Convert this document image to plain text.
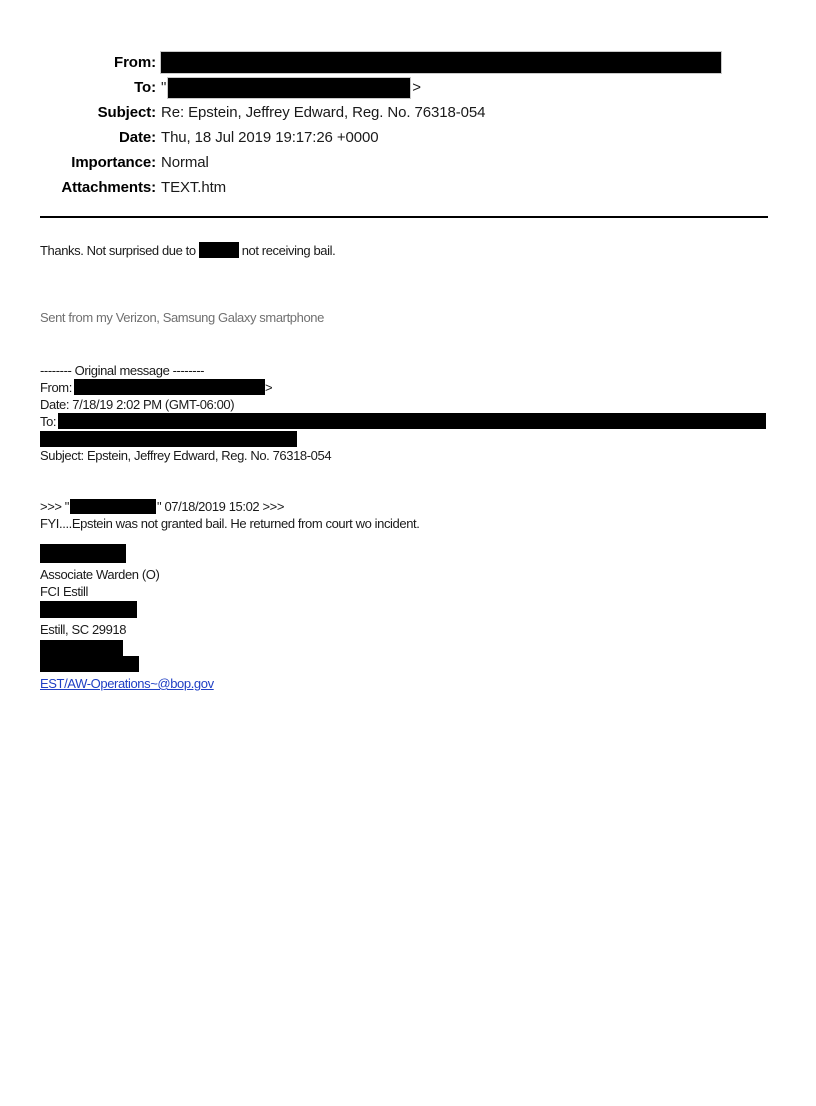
From:
To: "	>
Subject: Re: Epstein, Jeffrey Edward, Reg. No. 76318-054
Date: Thu, 18 Jul 2019 19:17:26 +0000
Importance: Normal
Attachments: TEXT.htm
Thanks. Not surprised due to	not receiving bail.
Sent from my Verizon, Samsung Galaxy smartphone
-------- Original message --------
From:	>
Date: 7/18/19 2:02 PM (GMT-06:00)
To:
Subject: Epstein, Jeffrey Edward, Reg. No. 76318-054
>>> "	" 07/18/2019 15:02 >>>
FYI....Epstein was not granted bail. He returned from court wo incident.
Associate Warden (O)
FCI Estill
Estill, SC 29918
EST/AW-Operations~@bop.gov
